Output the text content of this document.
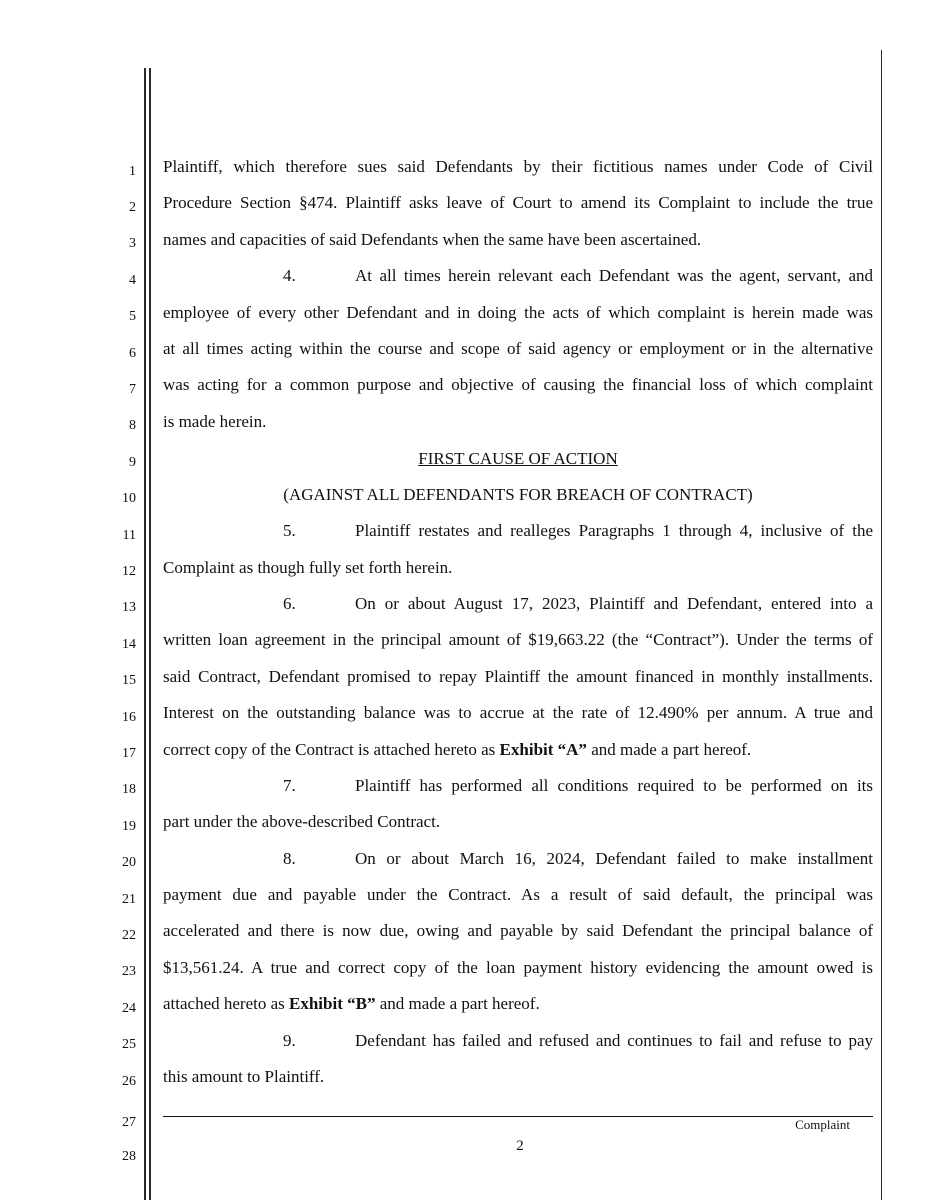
1
2
3
4
5
6
7
8
9
10
11
12
13
14
15
16
17
18
19
20
21
22
23
24
25
26
27
28
Plaintiff, which therefore sues said Defendants by their fictitious names under Code of Civil
Procedure Section §474. Plaintiff asks leave of Court to amend its Complaint to include the true
names and capacities of said Defendants when the same have been ascertained.
4.	At all times herein relevant each Defendant was the agent, servant, and
employee of every other Defendant and in doing the acts of which complaint is herein made was
at all times acting within the course and scope of said agency or employment or in the alternative
was acting for a common purpose and objective of causing the financial loss of which complaint
is made herein.
FIRST CAUSE OF ACTION
(AGAINST ALL DEFENDANTS FOR BREACH OF CONTRACT)
5.	Plaintiff restates and realleges Paragraphs 1 through 4, inclusive of the
Complaint as though fully set forth herein.
6.	On or about August 17, 2023, Plaintiff and Defendant, entered into a
written loan agreement in the principal amount of $19,663.22 (the “Contract”). Under the terms of
said Contract, Defendant promised to repay Plaintiff the amount financed in monthly installments.
Interest on the outstanding balance was to accrue at the rate of 12.490% per annum. A true and
correct copy of the Contract is attached hereto as Exhibit “A” and made a part hereof.
7.	Plaintiff has performed all conditions required to be performed on its
part under the above-described Contract.
8.	On or about March 16, 2024, Defendant failed to make installment
payment due and payable under the Contract. As a result of said default, the principal was
accelerated and there is now due, owing and payable by said Defendant the principal balance of
$13,561.24. A true and correct copy of the loan payment history evidencing the amount owed is
attached hereto as Exhibit “B” and made a part hereof.
9.	Defendant has failed and refused and continues to fail and refuse to pay
this amount to Plaintiff.
Complaint
2
